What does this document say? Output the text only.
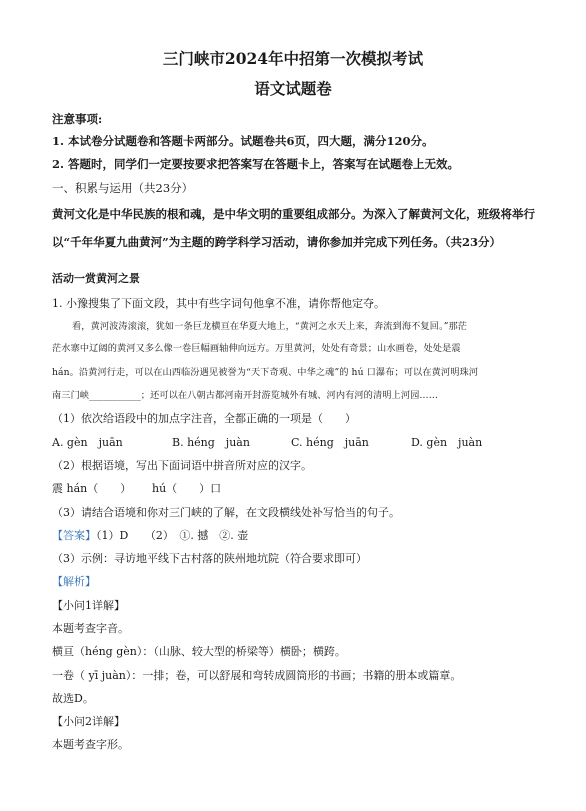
三门峡市2024年中招第一次模拟考试
语文试题卷
注意事项:
1. 本试卷分试题卷和答题卡两部分。试题卷共6页，四大题，满分120分。
2. 答题时，同学们一定要按要求把答案写在答题卡上，答案写在试题卷上无效。
一、积累与运用（共23分）
黄河文化是中华民族的根和魂，是中华文明的重要组成部分。为深入了解黄河文化，班级将举行以“千年华夏九曲黄河”为主题的跨学科学习活动，请你参加并完成下列任务。（共23分）
活动一赏黄河之景
1. 小豫搜集了下面文段，其中有些字词句他拿不准，请你帮他定夺。
看，黄河波涛滚滚，犹如一条巨龙横亘在华夏大地上，“黄河之水天上来，奔流到海不复回。”那茫
茫水寨中辽阔的黄河又多么像一卷巨幅画轴伸向远方。万里黄河，处处有奇景；山水画卷，处处是震
hán。沿黄河行走，可以在山西临汾遇见被誉为“天下奇观、中华之魂”的 hú 口瀑布；可以在黄河明珠河
南三门峡___________；还可以在八朝古都河南开封游览城外有城、河内有河的清明上河园……
（1）依次给语段中的加点字注音，全都正确的一项是（　　）
A. gèn　juān	B. héng　juàn	C. héng　juān	D. gèn　juàn
（2）根据语境，写出下面词语中拼音所对应的汉字。
震 hán（　　）	hú（　　）口
（3）请结合语境和你对三门峡的了解，在文段横线处补写恰当的句子。
【答案】（1）D　　（2）　①. 撼　②. 壶
（3）示例：寻访地平线下古村落的陕州地坑院（符合要求即可）
【解析】
【小问1详解】
本题考查字音。
横亘（héng gèn）：（山脉、较大型的桥梁等）横卧；横跨。
一卷（ yī juàn）：一排；卷，可以舒展和弯转成圆筒形的书画；书籍的册本或篇章。
故选D。
【小问2详解】
本题考查字形。
